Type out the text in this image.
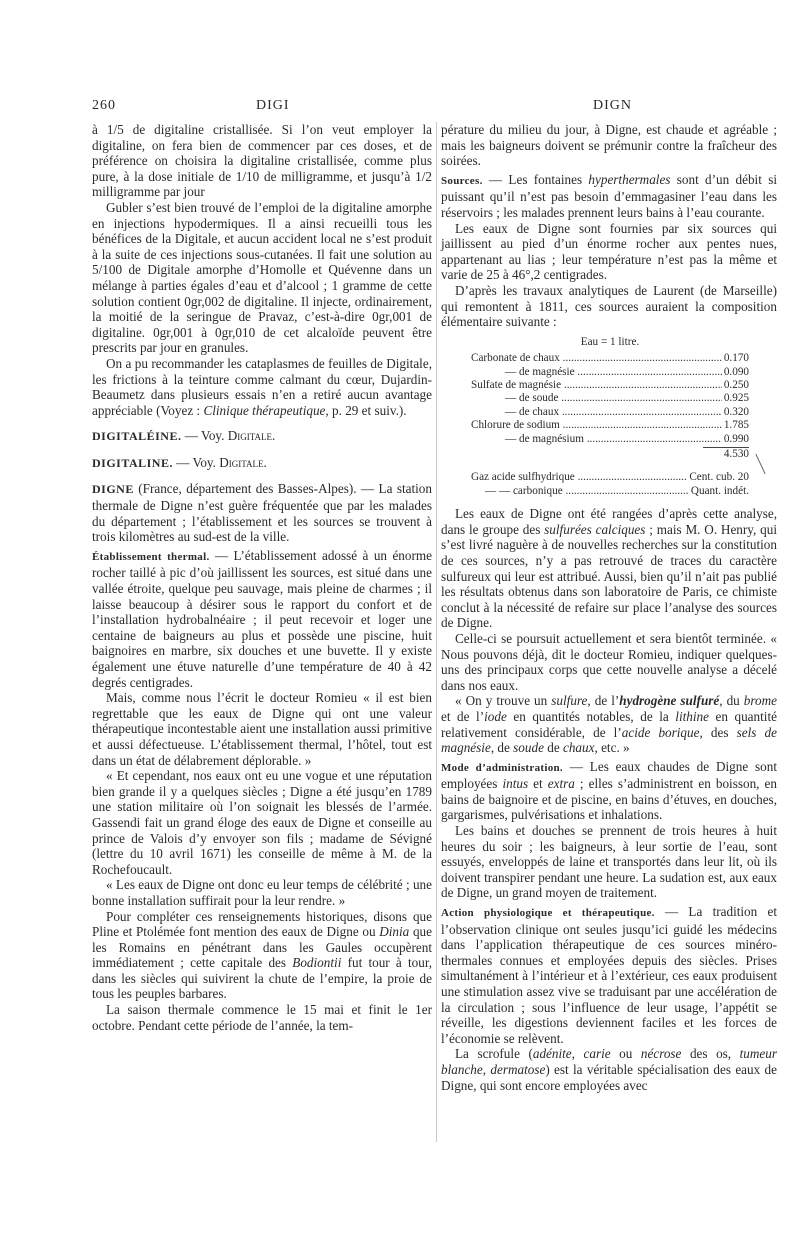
260	DIGI	DIGN

à 1/5 de digitaline cristallisée. Si l’on veut employer la digitaline, on fera bien de commencer par ces doses, et de préférence on choisira la digitaline cristallisée, comme plus pure, à la dose initiale de 1/10 de milligramme, et jusqu’à 1/2 milligramme par jour

Gubler s’est bien trouvé de l’emploi de la digitaline amorphe en injections hypodermiques. Il a ainsi recueilli tous les bénéfices de la Digitale, et aucun accident local ne s’est produit à la suite de ces injections sous-cutanées. Il fait une solution au 5/100 de Digitale amorphe d’Homolle et Quévenne dans un mélange à parties égales d’eau et d’alcool ; 1 gramme de cette solution contient 0gr,002 de digitaline. Il injecte, ordinairement, la moitié de la seringue de Pravaz, c’est-à-dire 0gr,001 de digitaline. 0gr,001 à 0gr,010 de cet alcaloïde peuvent être prescrits par jour en granules.

On a pu recommander les cataplasmes de feuilles de Digitale, les frictions à la teinture comme calmant du cœur, Dujardin-Beaumetz dans plusieurs essais n’en a retiré aucun avantage appréciable (Voyez : Clinique thérapeutique, p. 29 et suiv.).

DIGITALÉINE. — Voy. Digitale.

DIGITALINE. — Voy. Digitale.

DIGNE (France, département des Basses-Alpes). — La station thermale de Digne n’est guère fréquentée que par les malades du département ; l’établissement et les sources se trouvent à trois kilomètres au sud-est de la ville.

Établissement thermal. — L’établissement adossé à un énorme rocher taillé à pic d’où jaillissent les sources, est situé dans une vallée étroite, quelque peu sauvage, mais pleine de charmes ; il laisse beaucoup à désirer sous le rapport du confort et de l’installation hydrobalnéaire ; il peut recevoir et loger une centaine de baigneurs au plus et possède une piscine, huit baignoires en marbre, six douches et une buvette. Il y existe également une étuve naturelle d’une température de 40 à 42 degrés centigrades.

Mais, comme nous l’écrit le docteur Romieu « il est bien regrettable que les eaux de Digne qui ont une valeur thérapeutique incontestable aient une installation aussi primitive et aussi défectueuse. L’établissement thermal, l’hôtel, tout est dans un état de délabrement déplorable. »

« Et cependant, nos eaux ont eu une vogue et une réputation bien grande il y a quelques siècles ; Digne a été jusqu’en 1789 une station militaire où l’on soignait les blessés de l’armée. Gassendi fait un grand éloge des eaux de Digne et conseille au prince de Valois d’y envoyer son fils ; madame de Sévigné (lettre du 10 avril 1671) les conseille de même à M. de la Rochefoucault.

« Les eaux de Digne ont donc eu leur temps de célébrité ; une bonne installation suffirait pour la leur rendre. »

Pour compléter ces renseignements historiques, disons que Pline et Ptolémée font mention des eaux de Digne ou Dinia que les Romains en pénétrant dans les Gaules occupèrent immédiatement ; cette capitale des Bodiontii fut tour à tour, dans les siècles qui suivirent la chute de l’empire, la proie de tous les peuples barbares.

La saison thermale commence le 15 mai et finit le 1er octobre. Pendant cette période de l’année, la tem-

pérature du milieu du jour, à Digne, est chaude et agréable ; mais les baigneurs doivent se prémunir contre la fraîcheur des soirées.

Sources. — Les fontaines hyperthermales sont d’un débit si puissant qu’il n’est pas besoin d’emmagasiner l’eau dans les réservoirs ; les malades prennent leurs bains à l’eau courante.

Les eaux de Digne sont fournies par six sources qui jaillissent au pied d’un énorme rocher aux pentes nues, appartenant au lias ; leur température n’est pas la même et varie de 25 à 46°,2 centigrades.

D’après les travaux analytiques de Laurent (de Marseille) qui remontent à 1811, ces sources auraient la composition élémentaire suivante :

Eau = 1 litre.
Carbonate de chaux .....	0.170
— de magnésie .....	0.090
Sulfate de magnésie .....	0.250
— de soude .....	0.925
— de chaux .....	0.320
Chlorure de sodium .....	1.785
— de magnésium .....	0.990
4.530
Gaz acide sulfhydrique .....	Cent. cub. 20
— — carbonique .....	Quant. indét.

Les eaux de Digne ont été rangées d’après cette analyse, dans le groupe des sulfurées calciques ; mais M. O. Henry, qui s’est livré naguère à de nouvelles recherches sur la constitution de ces sources, n’y a pas retrouvé de traces du caractère sulfureux qui leur est attribué. Aussi, bien qu’il n’ait pas publié les résultats obtenus dans son laboratoire de Paris, ce chimiste conclut à la nécessité de refaire sur place l’analyse des sources de Digne.

Celle-ci se poursuit actuellement et sera bientôt terminée. « Nous pouvons déjà, dit le docteur Romieu, indiquer quelques-uns des principaux corps que cette nouvelle analyse a décelé dans nos eaux.

« On y trouve un sulfure, de l’hydrogène sulfuré, du brome et de l’iode en quantités notables, de la lithine en quantité relativement considérable, de l’acide borique, des sels de magnésie, de soude de chaux, etc. »

Mode d’administration. — Les eaux chaudes de Digne sont employées intus et extra ; elles s’administrent en boisson, en bains de baignoire et de piscine, en bains d’étuves, en douches, gargarismes, pulvérisations et inhalations.

Les bains et douches se prennent de trois heures à huit heures du soir ; les baigneurs, à leur sortie de l’eau, sont essuyés, enveloppés de laine et transportés dans leur lit, où ils doivent transpirer pendant une heure. La sudation est, aux eaux de Digne, un grand moyen de traitement.

Action physiologique et thérapeutique. — La tradition et l’observation clinique ont seules jusqu’ici guidé les médecins dans l’application thérapeutique de ces sources minéro-thermales connues et employées depuis des siècles. Prises simultanément à l’intérieur et à l’extérieur, ces eaux produisent une stimulation assez vive se traduisant par une accélération de la circulation ; sous l’influence de leur usage, l’appétit se réveille, les digestions deviennent faciles et les forces de l’économie se relèvent.

La scrofule (adénite, carie ou nécrose des os, tumeur blanche, dermatose) est la véritable spécialisation des eaux de Digne, qui sont encore employées avec
